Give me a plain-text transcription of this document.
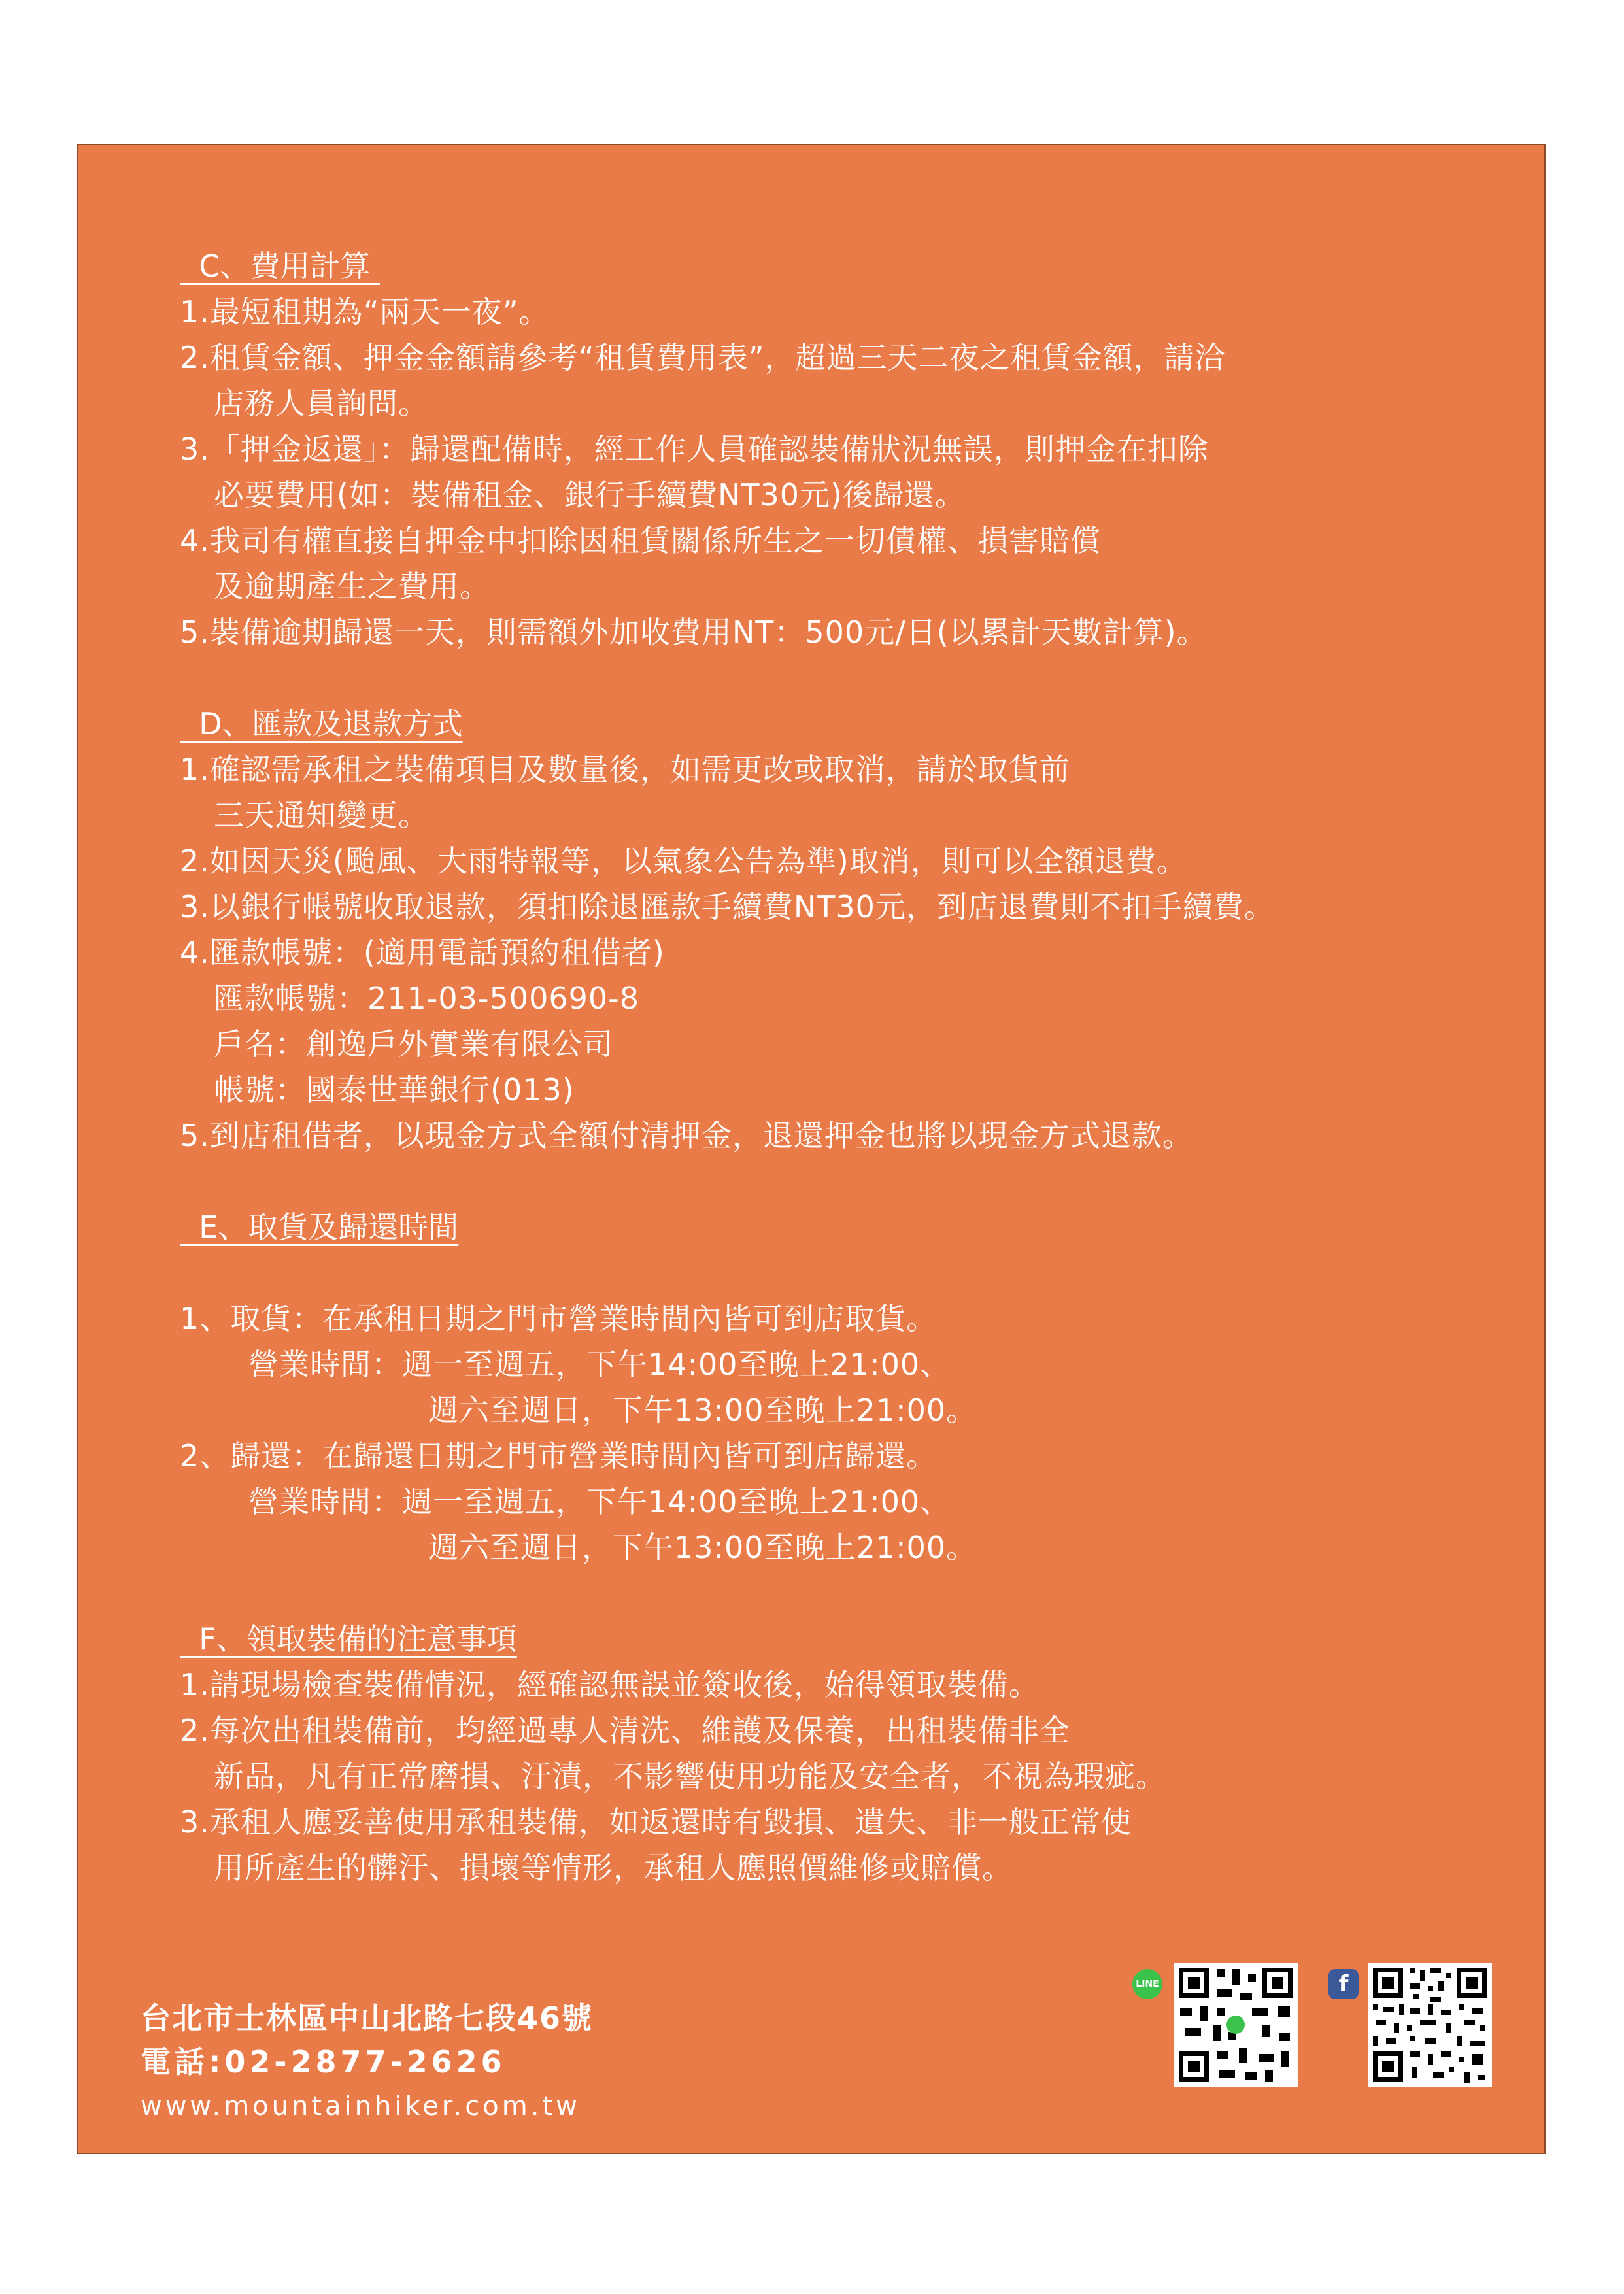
C、費用計算
1.最短租期為“兩天一夜”。
2.租賃金額、押金金額請參考“租賃費用表”，超過三天二夜之租賃金額，請洽
店務人員詢問。
3.「押金返還」：歸還配備時，經工作人員確認裝備狀況無誤，則押金在扣除
必要費用(如：裝備租金、銀行手續費NT30元)後歸還。
4.我司有權直接自押金中扣除因租賃關係所生之一切債權、損害賠償
及逾期產生之費用。
5.裝備逾期歸還一天，則需額外加收費用NT：500元/日(以累計天數計算)。
D、匯款及退款方式
1.確認需承租之裝備項目及數量後，如需更改或取消，請於取貨前
三天通知變更。
2.如因天災(颱風、大雨特報等，以氣象公告為準)取消，則可以全額退費。
3.以銀行帳號收取退款，須扣除退匯款手續費NT30元，到店退費則不扣手續費。
4.匯款帳號：(適用電話預約租借者)
匯款帳號：211-03-500690-8
戶名：創逸戶外實業有限公司
帳號：國泰世華銀行(013)
5.到店租借者，以現金方式全額付清押金，退還押金也將以現金方式退款。
E、取貨及歸還時間
1、取貨：在承租日期之門市營業時間內皆可到店取貨。
營業時間：週一至週五，下午14:00至晚上21:00、
週六至週日，下午13:00至晚上21:00。
2、歸還：在歸還日期之門市營業時間內皆可到店歸還。
營業時間：週一至週五，下午14:00至晚上21:00、
週六至週日，下午13:00至晚上21:00。
F、領取裝備的注意事項
1.請現場檢查裝備情況，經確認無誤並簽收後，始得領取裝備。
2.每次出租裝備前，均經過專人清洗、維護及保養，出租裝備非全
新品，凡有正常磨損、汙漬，不影響使用功能及安全者，不視為瑕疵。
3.承租人應妥善使用承租裝備，如返還時有毀損、遺失、非一般正常使
用所產生的髒汙、損壞等情形，承租人應照價維修或賠償。
台北市士林區中山北路七段46號
電話:02-2877-2626
www.mountainhiker.com.tw
LINE	f
